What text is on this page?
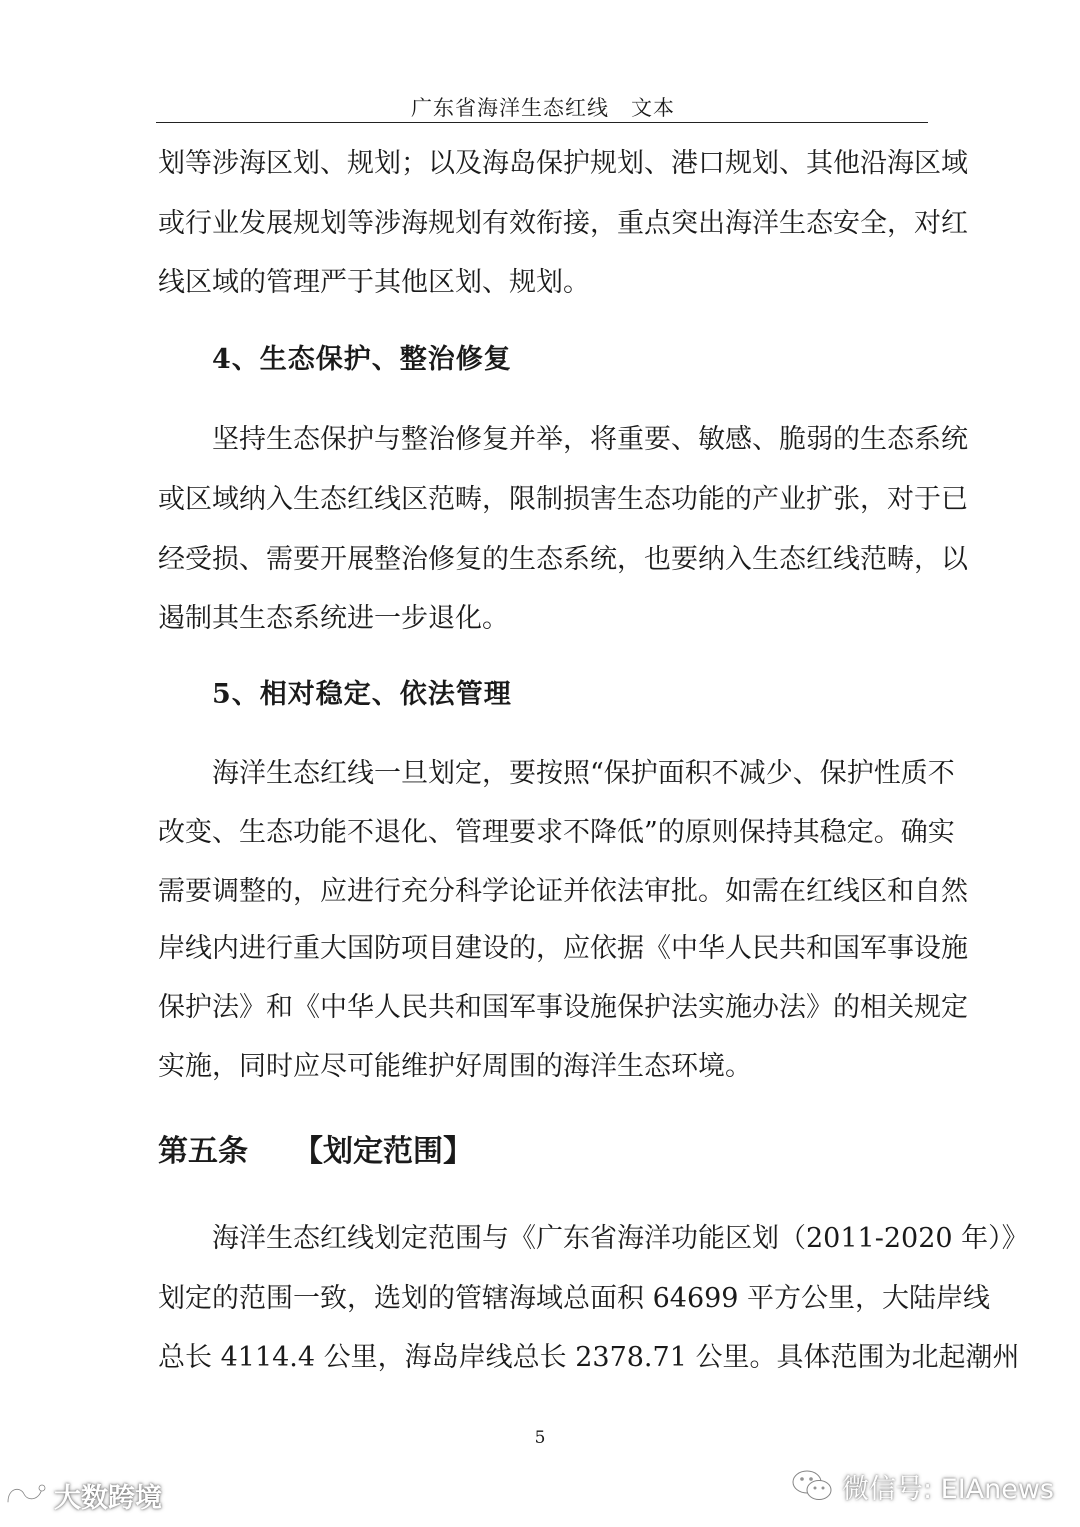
广东省海洋生态红线　文本
划等涉海区划、规划；以及海岛保护规划、港口规划、其他沿海区域
或行业发展规划等涉海规划有效衔接，重点突出海洋生态安全，对红
线区域的管理严于其他区划、规划。
4、生态保护、整治修复
坚持生态保护与整治修复并举，将重要、敏感、脆弱的生态系统
或区域纳入生态红线区范畴，限制损害生态功能的产业扩张，对于已
经受损、需要开展整治修复的生态系统，也要纳入生态红线范畴，以
遏制其生态系统进一步退化。
5、相对稳定、依法管理
海洋生态红线一旦划定，要按照“保护面积不减少、保护性质不
改变、生态功能不退化、管理要求不降低”的原则保持其稳定。确实
需要调整的，应进行充分科学论证并依法审批。如需在红线区和自然
岸线内进行重大国防项目建设的，应依据《中华人民共和国军事设施
保护法》和《中华人民共和国军事设施保护法实施办法》的相关规定
实施，同时应尽可能维护好周围的海洋生态环境。
第五条　　【划定范围】
海洋生态红线划定范围与《广东省海洋功能区划（2011-2020 年）》
划定的范围一致，选划的管辖海域总面积 64699 平方公里，大陆岸线
总长 4114.4 公里，海岛岸线总长 2378.71 公里。具体范围为北起潮州
5
大数跨境	微信号: EIAnews
